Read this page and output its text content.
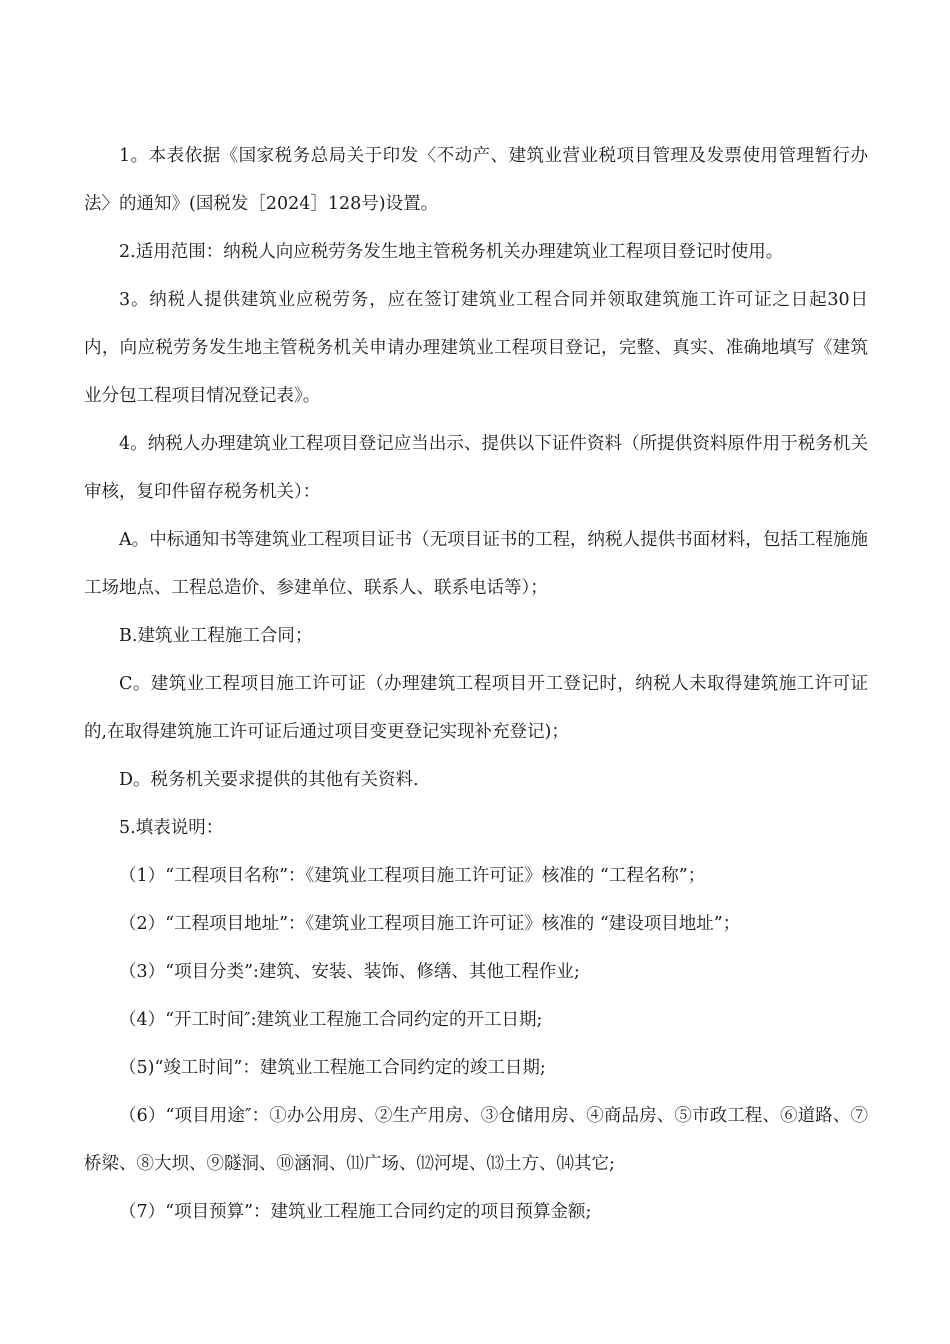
1。本表依据《国家税务总局关于印发〈不动产、建筑业营业税项目管理及发票使用管理暂行办法〉的通知》(国税发［2024］128号)设置。

2.适用范围：纳税人向应税劳务发生地主管税务机关办理建筑业工程项目登记时使用。

3。纳税人提供建筑业应税劳务，应在签订建筑业工程合同并领取建筑施工许可证之日起30日内，向应税劳务发生地主管税务机关申请办理建筑业工程项目登记，完整、真实、准确地填写《建筑业分包工程项目情况登记表》。

4。纳税人办理建筑业工程项目登记应当出示、提供以下证件资料（所提供资料原件用于税务机关审核，复印件留存税务机关）：

A。中标通知书等建筑业工程项目证书（无项目证书的工程，纳税人提供书面材料，包括工程施施工场地点、工程总造价、参建单位、联系人、联系电话等）；

B.建筑业工程施工合同；

C。建筑业工程项目施工许可证（办理建筑工程项目开工登记时，纳税人未取得建筑施工许可证的,在取得建筑施工许可证后通过项目变更登记实现补充登记)；

D。税务机关要求提供的其他有关资料.

5.填表说明：

（1）“工程项目名称”：《建筑业工程项目施工许可证》核准的 “工程名称”；

（2）“工程项目地址”：《建筑业工程项目施工许可证》核准的 “建设项目地址”；

（3）“项目分类”:建筑、安装、装饰、修缮、其他工程作业;

（4）“开工时间″:建筑业工程施工合同约定的开工日期;

（5)“竣工时间”：建筑业工程施工合同约定的竣工日期;

（6）“项目用途″：①办公用房、②生产用房、③仓储用房、④商品房、⑤市政工程、⑥道路、⑦桥梁、⑧大坝、⑨隧洞、⑩涵洞、⑾广场、⑿河堤、⒀土方、⒁其它;

（7）“项目预算”：建筑业工程施工合同约定的项目预算金额;
